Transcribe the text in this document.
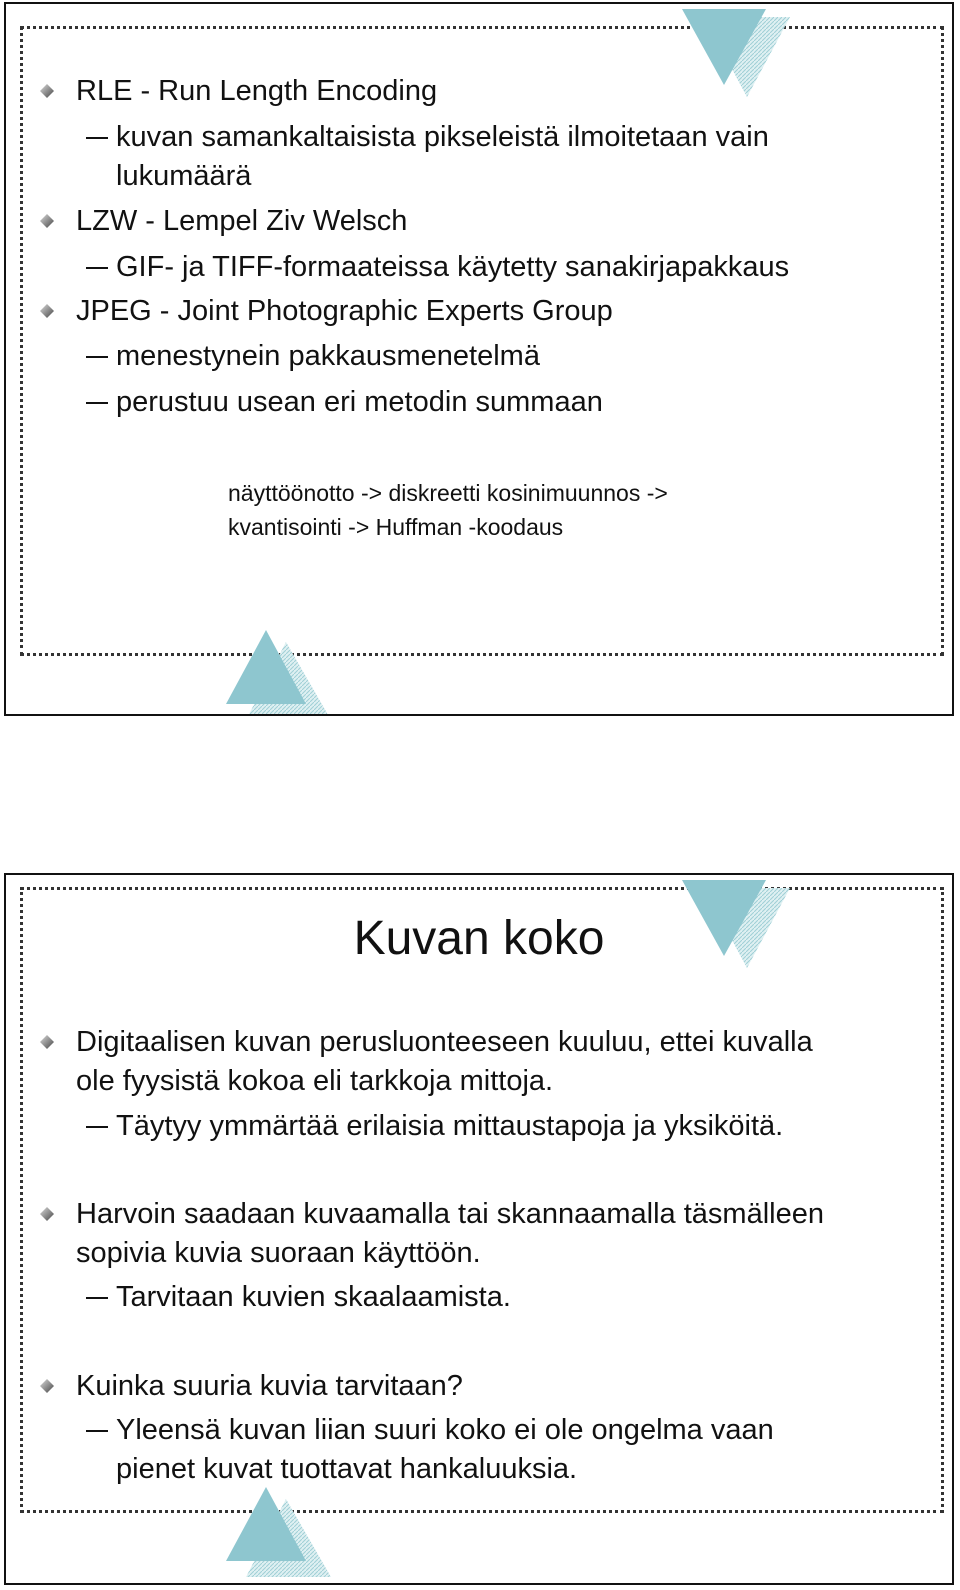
RLE - Run Length Encoding
kuvan samankaltaisista pikseleistä ilmoitetaan vain
lukumäärä
LZW - Lempel Ziv Welsch
GIF- ja TIFF-formaateissa käytetty sanakirjapakkaus
JPEG - Joint Photographic Experts Group
menestynein pakkausmenetelmä
perustuu usean eri metodin summaan
näyttöönotto -> diskreetti kosinimuunnos ->
kvantisointi -> Huffman -koodaus
Kuvan koko
Digitaalisen kuvan perusluonteeseen kuuluu, ettei kuvalla
ole fyysistä kokoa eli tarkkoja mittoja.
Täytyy ymmärtää erilaisia mittaustapoja ja yksiköitä.
Harvoin saadaan kuvaamalla tai skannaamalla täsmälleen
sopivia kuvia suoraan käyttöön.
Tarvitaan kuvien skaalaamista.
Kuinka suuria kuvia tarvitaan?
Yleensä kuvan liian suuri koko ei ole ongelma vaan
pienet kuvat tuottavat hankaluuksia.
